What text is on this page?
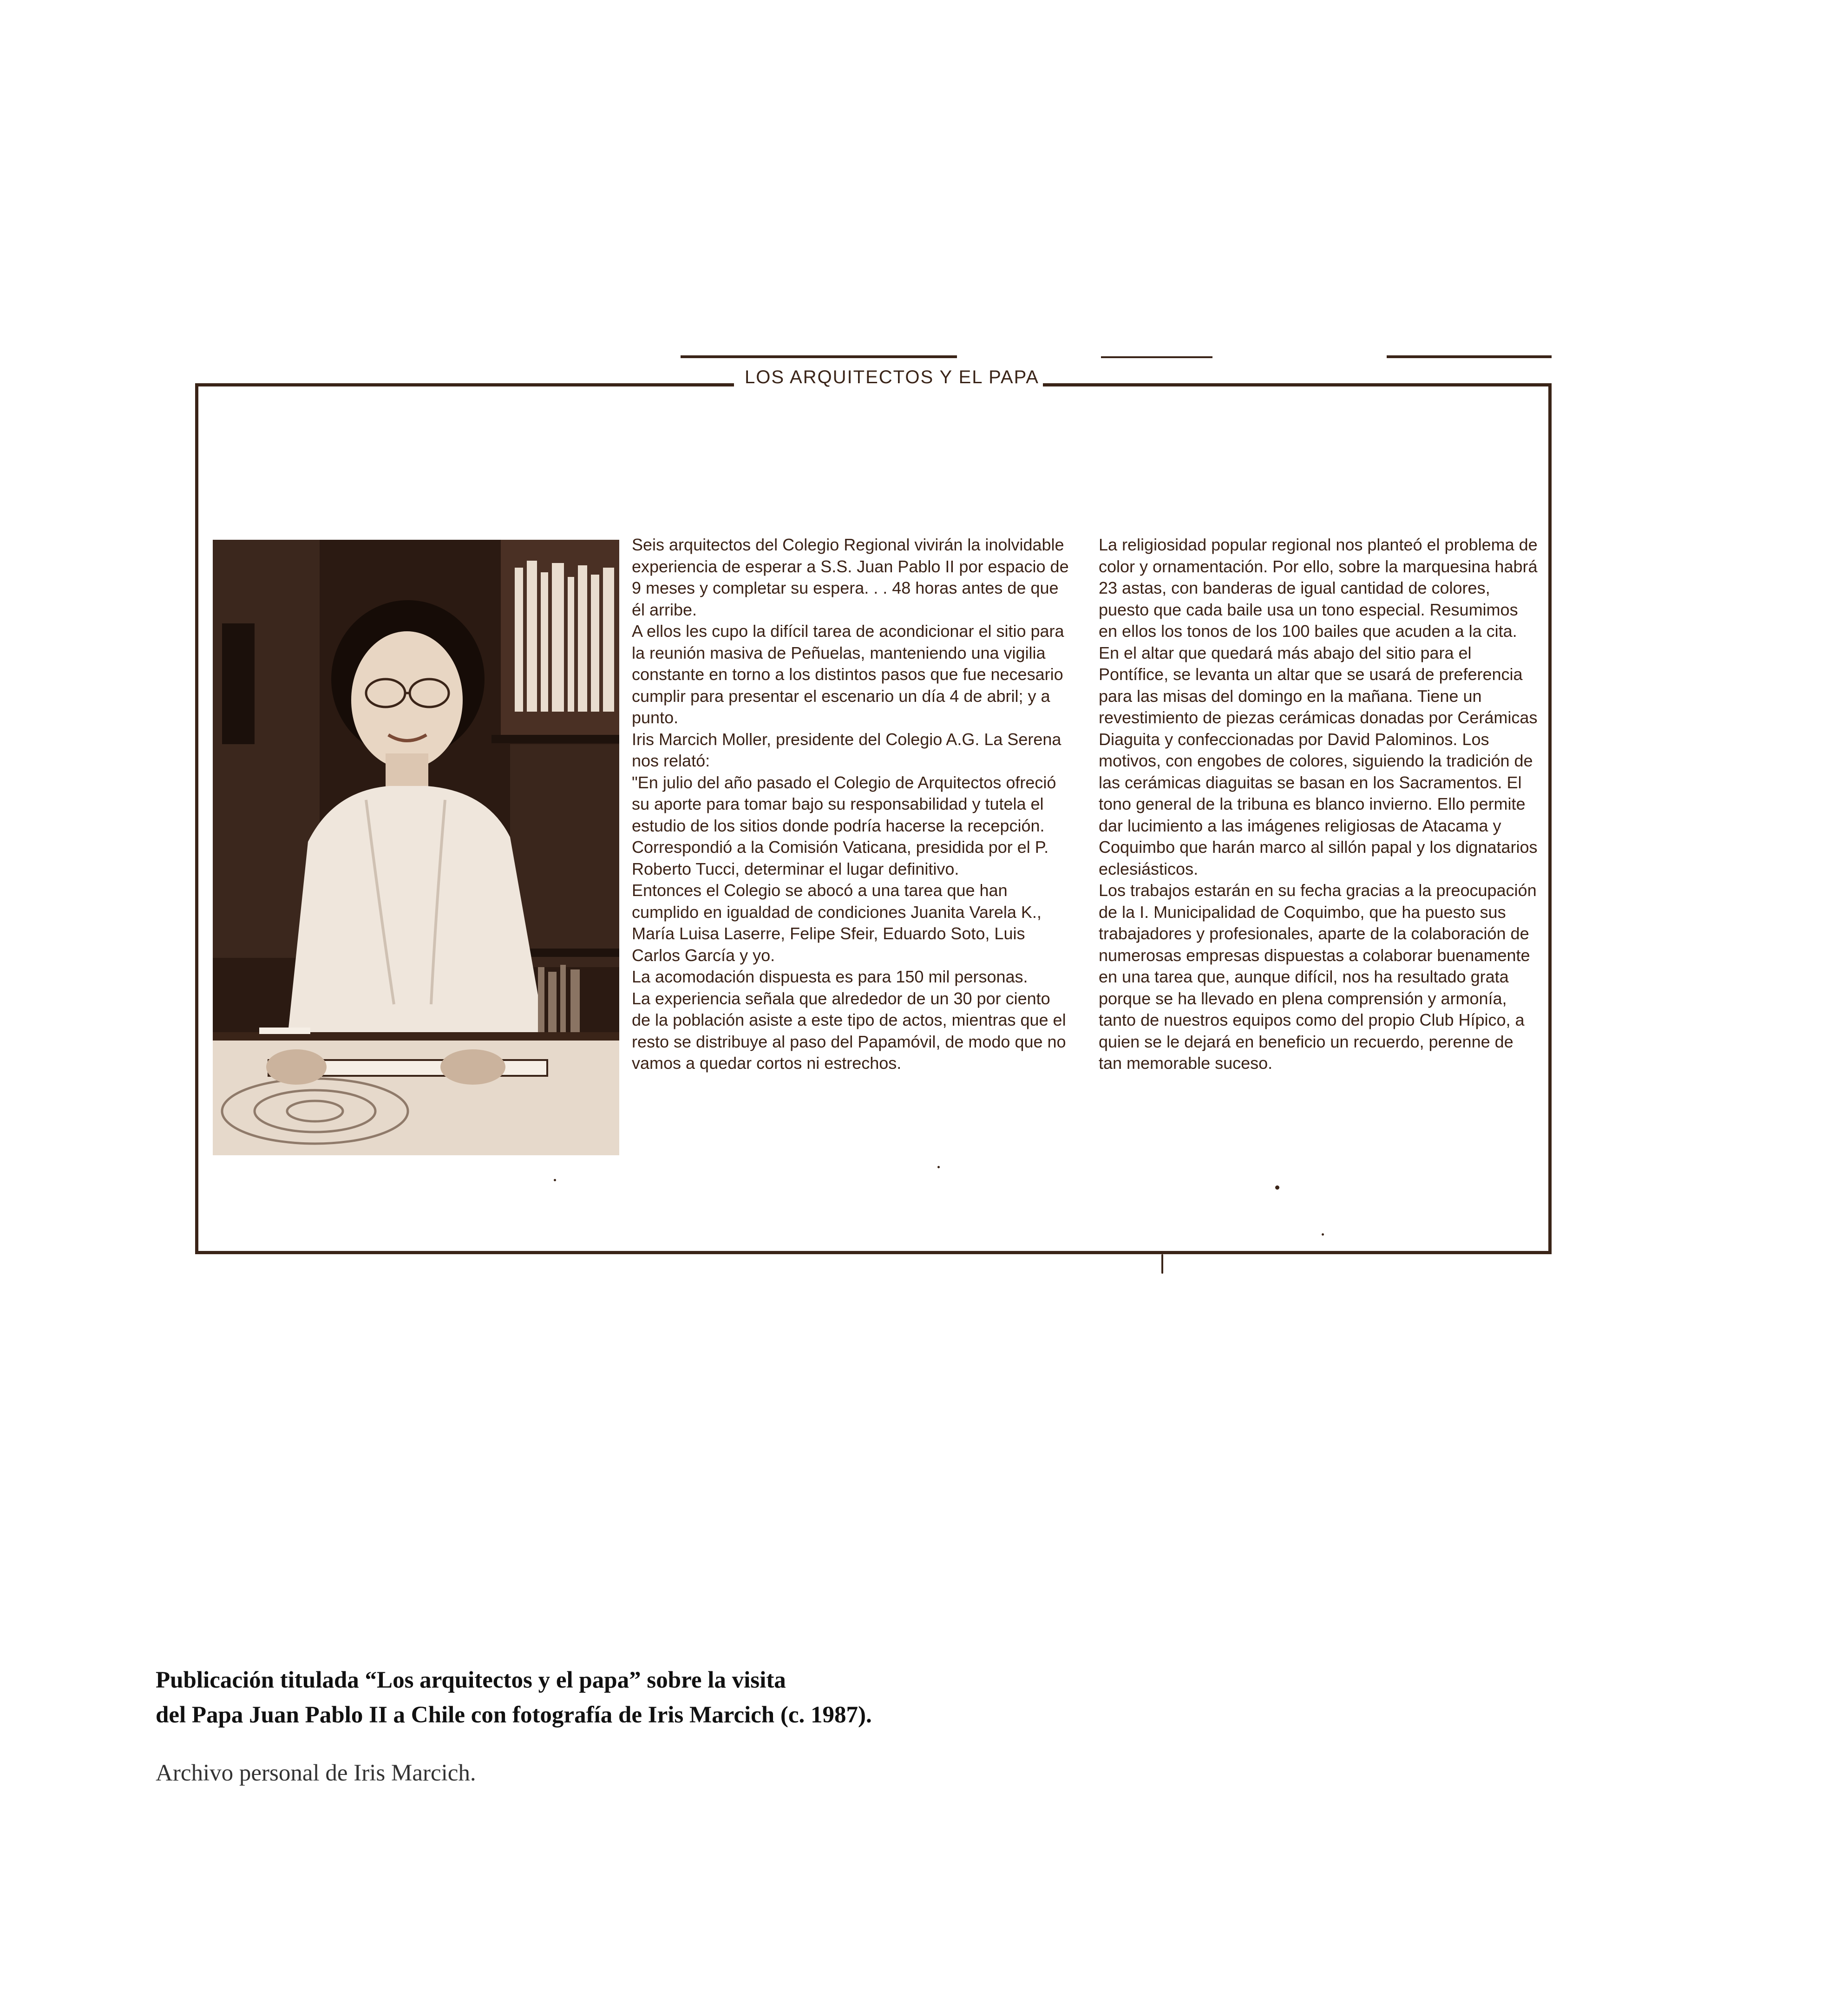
LOS ARQUITECTOS Y EL PAPA

Seis arquitectos del Colegio Regional vivirán la inolvidable experiencia de esperar a S.S. Juan Pablo II por espacio de 9 meses y completar su espera. . . 48 horas antes de que él arribe.

A ellos les cupo la difícil tarea de acondicionar el sitio para la reunión masiva de Peñuelas, manteniendo una vigilia constante en torno a los distintos pasos que fue necesario cumplir para presentar el escenario un día 4 de abril; y a punto.

Iris Marcich Moller, presidente del Colegio A.G. La Serena nos relató:

"En julio del año pasado el Colegio de Arquitectos ofreció su aporte para tomar bajo su responsabilidad y tutela el estudio de los sitios donde podría hacerse la recepción. Correspondió a la Comisión Vaticana, presidida por el P. Roberto Tucci, determinar el lugar definitivo.

Entonces el Colegio se abocó a una tarea que han cumplido en igualdad de condiciones Juanita Varela K., María Luisa Laserre, Felipe Sfeir, Eduardo Soto, Luis Carlos García y yo.

La acomodación dispuesta es para 150 mil personas.

La experiencia señala que alrededor de un 30 por ciento de la población asiste a este tipo de actos, mientras que el resto se distribuye al paso del Papamóvil, de modo que no vamos a quedar cortos ni estrechos.

La religiosidad popular regional nos planteó el problema de color y ornamentación. Por ello, sobre la marquesina habrá 23 astas, con banderas de igual cantidad de colores, puesto que cada baile usa un tono especial. Resumimos en ellos los tonos de los 100 bailes que acuden a la cita.

En el altar que quedará más abajo del sitio para el Pontífice, se levanta un altar que se usará de preferencia para las misas del domingo en la mañana. Tiene un revestimiento de piezas cerámicas donadas por Cerámicas Diaguita y confeccionadas por David Palominos. Los motivos, con engobes de colores, siguiendo la tradición de las cerámicas diaguitas se basan en los Sacramentos. El tono general de la tribuna es blanco invierno. Ello permite dar lucimiento a las imágenes religiosas de Atacama y Coquimbo que harán marco al sillón papal y los dignatarios eclesiásticos.

Los trabajos estarán en su fecha gracias a la preocupación de la I. Municipalidad de Coquimbo, que ha puesto sus trabajadores y profesionales, aparte de la colaboración de numerosas empresas dispuestas a colaborar buenamente en una tarea que, aunque difícil, nos ha resultado grata porque se ha llevado en plena comprensión y armonía, tanto de nuestros equipos como del propio Club Hípico, a quien se le dejará en beneficio un recuerdo, perenne de tan memorable suceso.

Publicación titulada “Los arquitectos y el papa” sobre la visita
del Papa Juan Pablo II a Chile con fotografía de Iris Marcich (c. 1987).
Archivo personal de Iris Marcich.
